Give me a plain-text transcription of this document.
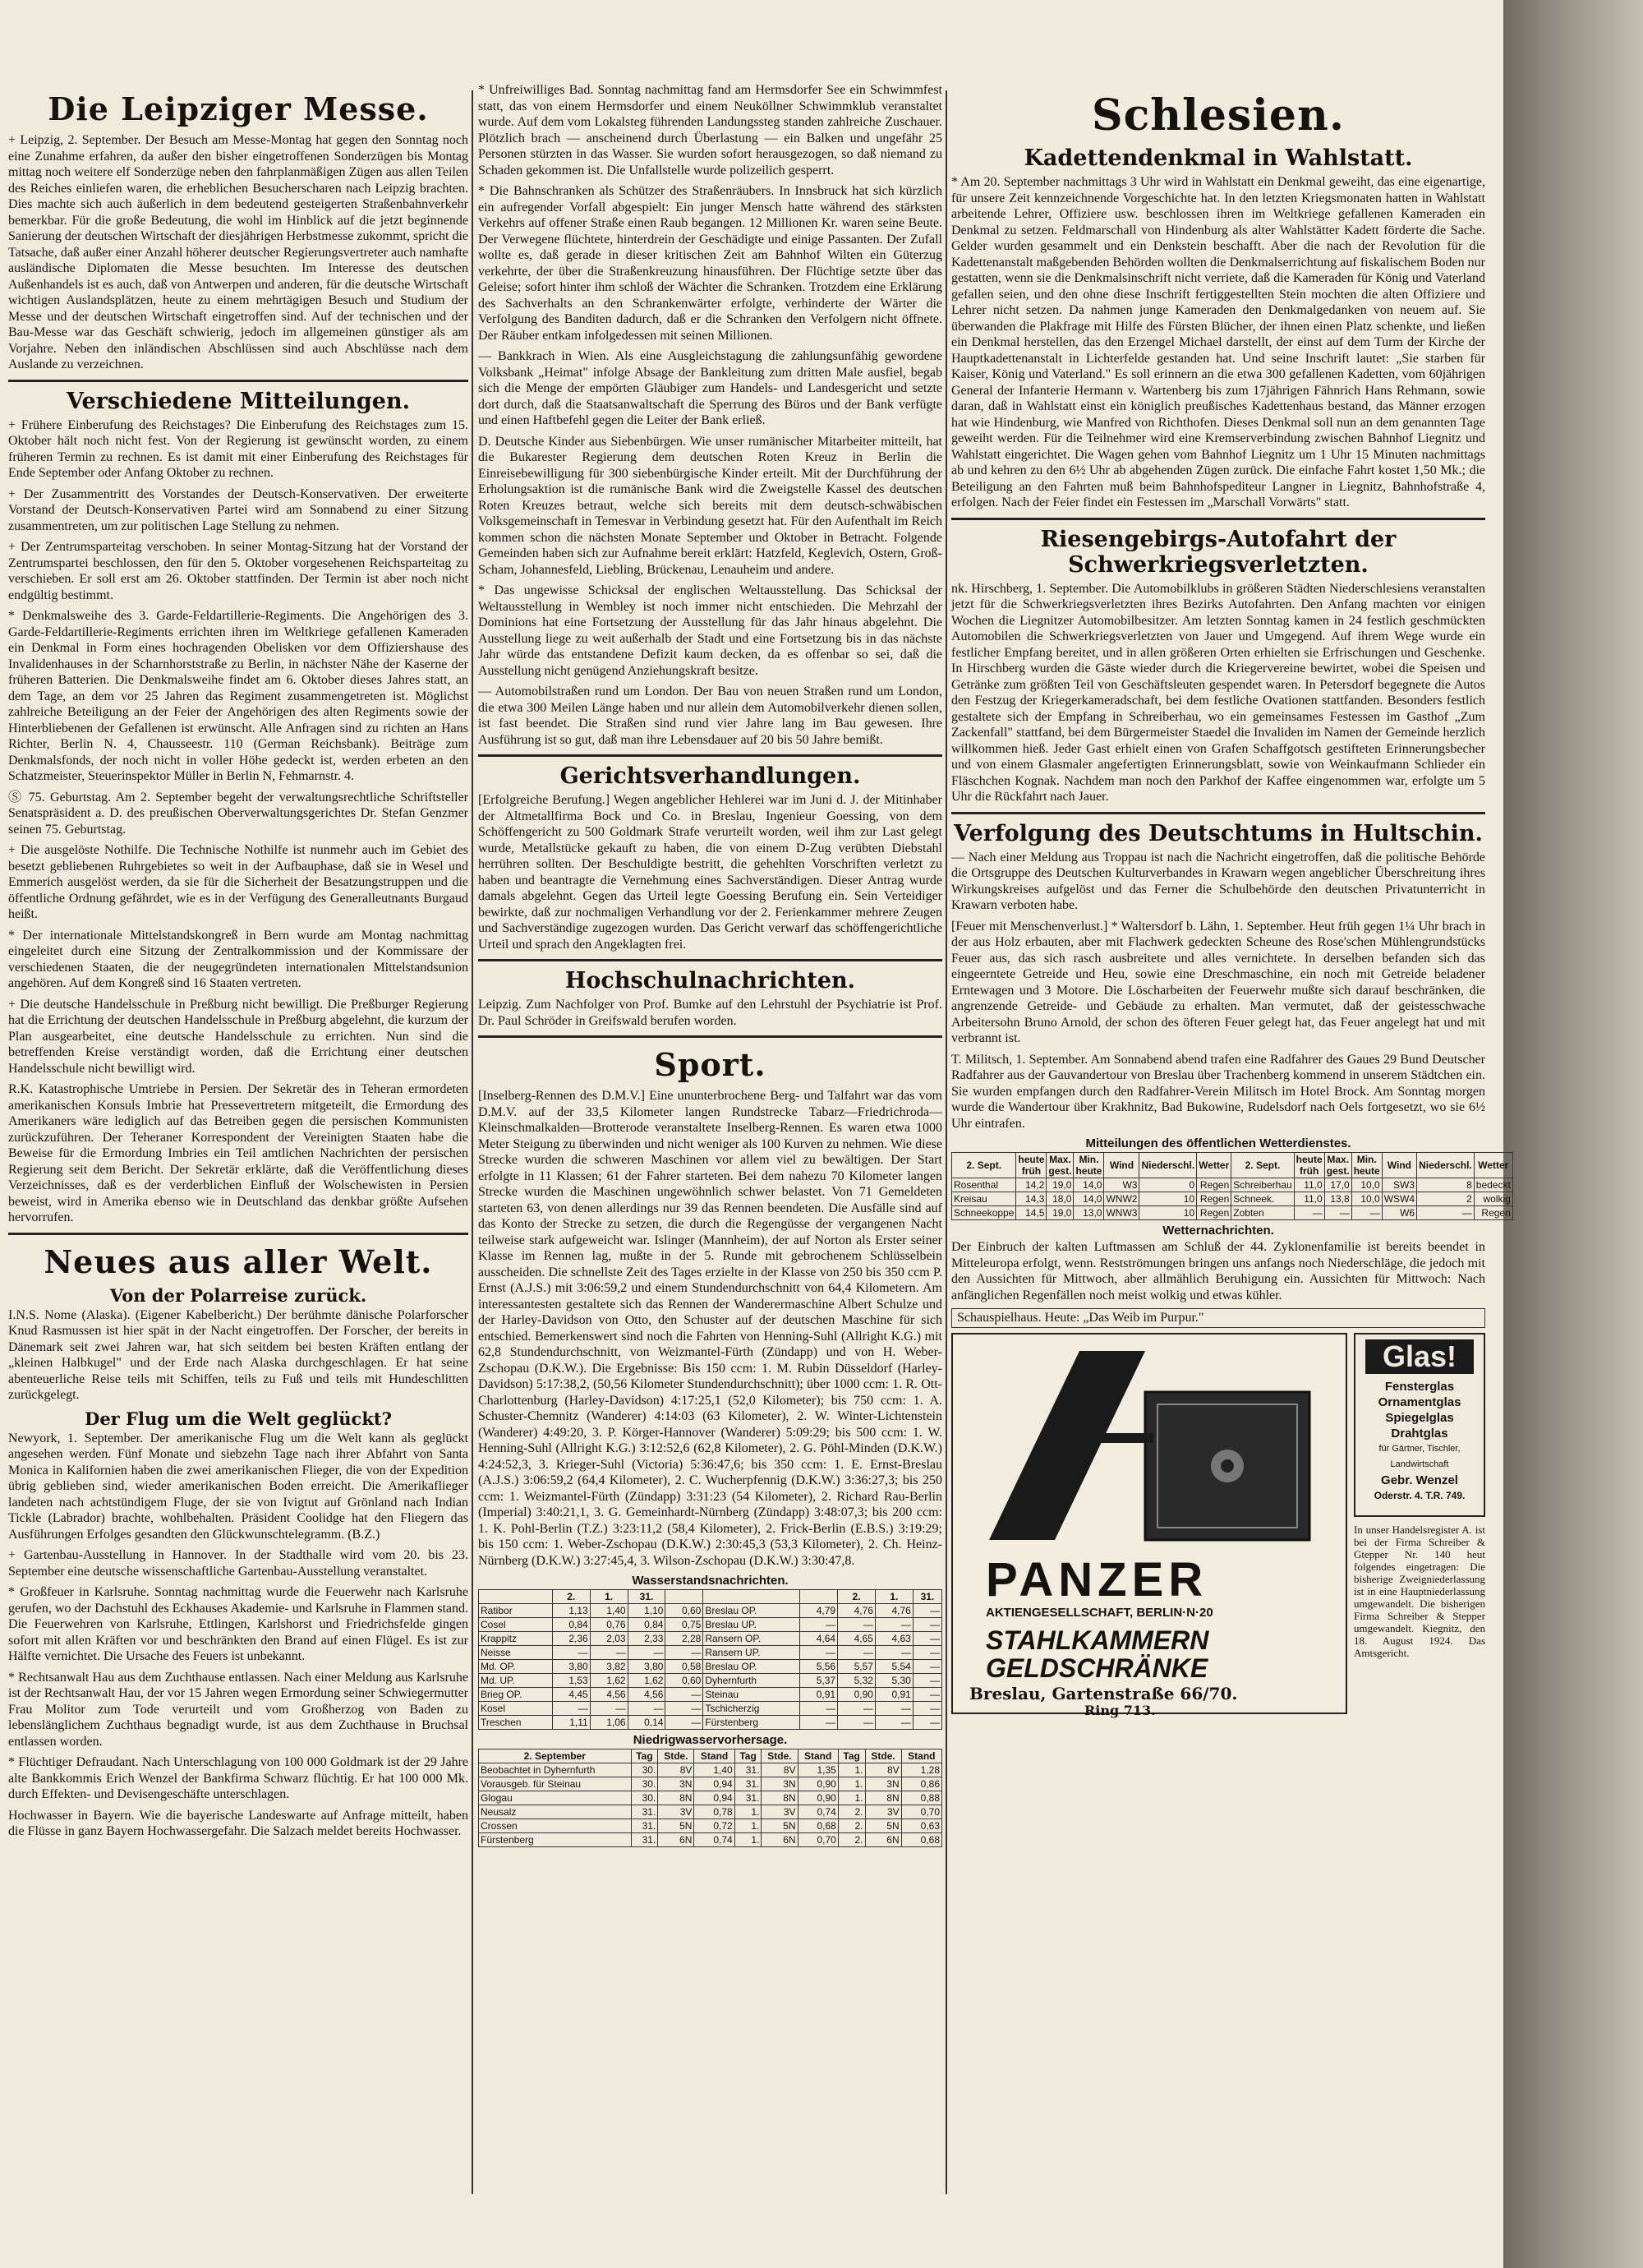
Die Leipziger Messe.

+ Leipzig, 2. September. Der Besuch am Messe-Montag hat gegen den Sonntag noch eine Zunahme erfahren, da außer den bisher eingetroffenen Sonderzügen bis Montag mittag noch weitere elf Sonderzüge neben den fahrplanmäßigen Zügen aus allen Teilen des Reiches einliefen waren, die erheblichen Besucherscharen nach Leipzig brachten. Dies machte sich auch äußerlich in dem bedeutend gesteigerten Straßenbahnverkehr bemerkbar. Für die große Bedeutung, die wohl im Hinblick auf die jetzt beginnende Sanierung der deutschen Wirtschaft der diesjährigen Herbstmesse zukommt, spricht die Tatsache, daß außer einer Anzahl höherer deutscher Regierungsvertreter auch namhafte ausländische Diplomaten die Messe besuchten. Im Interesse des deutschen Außenhandels ist es auch, daß von Antwerpen und anderen, für die deutsche Wirtschaft wichtigen Auslandsplätzen, heute zu einem mehrtägigen Besuch und Studium der Messe und der deutschen Wirtschaft eingetroffen sind. Auf der technischen und der Bau-Messe war das Geschäft schwierig, jedoch im allgemeinen günstiger als am Vorjahre. Neben den inländischen Abschlüssen sind auch Abschlüsse nach dem Auslande zu verzeichnen.

Verschiedene Mitteilungen.

+ Frühere Einberufung des Reichstages? Die Einberufung des Reichstages zum 15. Oktober hält noch nicht fest. Von der Regierung ist gewünscht worden, zu einem früheren Termin zu rechnen. Es ist damit mit einer Einberufung des Reichstages für Ende September oder Anfang Oktober zu rechnen.

+ Der Zusammentritt des Vorstandes der Deutsch-Konservativen. Der erweiterte Vorstand der Deutsch-Konservativen Partei wird am Sonnabend zu einer Sitzung zusammentreten, um zur politischen Lage Stellung zu nehmen.

+ Der Zentrumsparteitag verschoben. In seiner Montag-Sitzung hat der Vorstand der Zentrumspartei beschlossen, den für den 5. Oktober vorgesehenen Reichsparteitag zu verschieben. Er soll erst am 26. Oktober stattfinden. Der Termin ist aber noch nicht endgültig bestimmt.

* Denkmalsweihe des 3. Garde-Feldartillerie-Regiments. Die Angehörigen des 3. Garde-Feldartillerie-Regiments errichten ihren im Weltkriege gefallenen Kameraden ein Denkmal in Form eines hochragenden Obelisken vor dem Offiziershause des Invalidenhauses in der Scharnhorststraße zu Berlin, in nächster Nähe der Kaserne der früheren Batterien. Die Denkmalsweihe findet am 6. Oktober dieses Jahres statt, an dem Tage, an dem vor 25 Jahren das Regiment zusammengetreten ist. Möglichst zahlreiche Beteiligung an der Feier der Angehörigen des alten Regiments sowie der Hinterbliebenen der Gefallenen ist erwünscht. Alle Anfragen sind zu richten an Hans Richter, Berlin N. 4, Chausseestr. 110 (German Reichsbank). Beiträge zum Denkmalsfonds, der noch nicht in voller Höhe gedeckt ist, werden erbeten an den Schatzmeister, Steuerinspektor Müller in Berlin N, Fehmarnstr. 4.

Ⓢ 75. Geburtstag. Am 2. September begeht der verwaltungsrechtliche Schriftsteller Senatspräsident a. D. des preußischen Oberverwaltungsgerichtes Dr. Stefan Genzmer seinen 75. Geburtstag.

+ Die ausgelöste Nothilfe. Die Technische Nothilfe ist nunmehr auch im Gebiet des besetzt gebliebenen Ruhrgebietes so weit in der Aufbauphase, daß sie in Wesel und Emmerich ausgelöst werden, da sie für die Sicherheit der Besatzungstruppen und die öffentliche Ordnung gefährdet, wie es in der Verfügung des Generalleutnants Burgaud heißt.

* Der internationale Mittelstandskongreß in Bern wurde am Montag nachmittag eingeleitet durch eine Sitzung der Zentralkommission und der Kommissare der verschiedenen Staaten, die der neugegründeten internationalen Mittelstandsunion angehören. Auf dem Kongreß sind 16 Staaten vertreten.

+ Die deutsche Handelsschule in Preßburg nicht bewilligt. Die Preßburger Regierung hat die Errichtung der deutschen Handelsschule in Preßburg abgelehnt, die kurzum der Plan ausgearbeitet, eine deutsche Handelsschule zu errichten. Nun sind die betreffenden Kreise verständigt worden, daß die Errichtung einer deutschen Handelsschule nicht bewilligt wird.

R.K. Katastrophische Umtriebe in Persien. Der Sekretär des in Teheran ermordeten amerikanischen Konsuls Imbrie hat Pressevertretern mitgeteilt, die Ermordung des Amerikaners wäre lediglich auf das Betreiben gegen die persischen Kommunisten zurückzuführen. Der Teheraner Korrespondent der Vereinigten Staaten habe die Beweise für die Ermordung Imbries ein Teil amtlichen Nachrichten der persischen Regierung seit dem Bericht. Der Sekretär erklärte, daß die Veröffentlichung dieses Verzeichnisses, daß es der verderblichen Einfluß der Wolschewisten in Persien beweist, wird in Amerika ebenso wie in Deutschland das denkbar größte Aufsehen hervorrufen.

Neues aus aller Welt.
Von der Polarreise zurück.

I.N.S. Nome (Alaska). (Eigener Kabelbericht.) Der berühmte dänische Polarforscher Knud Rasmussen ist hier spät in der Nacht eingetroffen. Der Forscher, der bereits in Dänemark seit zwei Jahren war, hat sich seitdem bei besten Kräften entlang der „kleinen Halbkugel" und der Erde nach Alaska durchgeschlagen. Er hat seine abenteuerliche Reise teils mit Schiffen, teils zu Fuß und teils mit Hundeschlitten zurückgelegt.

Der Flug um die Welt geglückt?

Newyork, 1. September. Der amerikanische Flug um die Welt kann als geglückt angesehen werden. Fünf Monate und siebzehn Tage nach ihrer Abfahrt von Santa Monica in Kalifornien haben die zwei amerikanischen Flieger, die von der Expedition übrig geblieben sind, wieder amerikanischen Boden erreicht. Die Amerikaflieger landeten nach achtstündigem Fluge, der sie von Ivigtut auf Grönland nach Indian Tickle (Labrador) brachte, wohlbehalten. Präsident Coolidge hat den Fliegern das Ausführungen Erfolges gesandten den Glückwunschtelegramm. (B.Z.)

+ Gartenbau-Ausstellung in Hannover. In der Stadthalle wird vom 20. bis 23. September eine deutsche wissenschaftliche Gartenbau-Ausstellung veranstaltet.

* Großfeuer in Karlsruhe. Sonntag nachmittag wurde die Feuerwehr nach Karlsruhe gerufen, wo der Dachstuhl des Eckhauses Akademie- und Karlsruhe in Flammen stand. Die Feuerwehren von Karlsruhe, Ettlingen, Karlshorst und Friedrichsfelde gingen sofort mit allen Kräften vor und beschränkten den Brand auf einen Flügel. Es ist zur Hälfte vernichtet. Die Ursache des Feuers ist unbekannt.

* Rechtsanwalt Hau aus dem Zuchthause entlassen. Nach einer Meldung aus Karlsruhe ist der Rechtsanwalt Hau, der vor 15 Jahren wegen Ermordung seiner Schwiegermutter Frau Molitor zum Tode verurteilt und vom Großherzog von Baden zu lebenslänglichem Zuchthaus begnadigt wurde, ist aus dem Zuchthause in Bruchsal entlassen worden.

* Flüchtiger Defraudant. Nach Unterschlagung von 100 000 Goldmark ist der 29 Jahre alte Bankkommis Erich Wenzel der Bankfirma Schwarz flüchtig. Er hat 100 000 Mk. durch Effekten- und Devisengeschäfte unterschlagen.

Hochwasser in Bayern. Wie die bayerische Landeswarte auf Anfrage mitteilt, haben die Flüsse in ganz Bayern Hochwassergefahr. Die Salzach meldet bereits Hochwasser.

* Unfreiwilliges Bad. Sonntag nachmittag fand am Hermsdorfer See ein Schwimmfest statt, das von einem Hermsdorfer und einem Neuköllner Schwimmklub veranstaltet wurde. Auf dem vom Lokalsteg führenden Landungssteg standen zahlreiche Zuschauer. Plötzlich brach — anscheinend durch Überlastung — ein Balken und ungefähr 25 Personen stürzten in das Wasser. Sie wurden sofort herausgezogen, so daß niemand zu Schaden gekommen ist. Die Unfallstelle wurde polizeilich gesperrt.

* Die Bahnschranken als Schützer des Straßenräubers. In Innsbruck hat sich kürzlich ein aufregender Vorfall abgespielt: Ein junger Mensch hatte während des stärksten Verkehrs auf offener Straße einen Raub begangen. 12 Millionen Kr. waren seine Beute. Der Verwegene flüchtete, hinterdrein der Geschädigte und einige Passanten. Der Zufall wollte es, daß gerade in dieser kritischen Zeit am Bahnhof Wilten ein Güterzug verkehrte, der über die Straßenkreuzung hinausführen. Der Flüchtige setzte über das Geleise; sofort hinter ihm schloß der Wächter die Schranken. Trotzdem eine Erklärung des Sachverhalts an den Schrankenwärter erfolgte, verhinderte der Wärter die Verfolgung des Banditen dadurch, daß er die Schranken den Verfolgern nicht öffnete. Der Räuber entkam infolgedessen mit seinen Millionen.

— Bankkrach in Wien. Als eine Ausgleichstagung die zahlungsunfähig gewordene Volksbank „Heimat" infolge Absage der Bankleitung zum dritten Male ausfiel, begab sich die Menge der empörten Gläubiger zum Handels- und Landesgericht und setzte dort durch, daß die Staatsanwaltschaft die Sperrung des Büros und der Bank verfügte und einen Haftbefehl gegen die Leiter der Bank erließ.

D. Deutsche Kinder aus Siebenbürgen. Wie unser rumänischer Mitarbeiter mitteilt, hat die Bukarester Regierung dem deutschen Roten Kreuz in Berlin die Einreisebewilligung für 300 siebenbürgische Kinder erteilt. Mit der Durchführung der Erholungsaktion ist die rumänische Bank wird die Zweigstelle Kassel des deutschen Roten Kreuzes betraut, welche sich bereits mit dem deutsch-schwäbischen Volksgemeinschaft in Temesvar in Verbindung gesetzt hat. Für den Aufenthalt im Reich kommen schon die nächsten Monate September und Oktober in Betracht. Folgende Gemeinden haben sich zur Aufnahme bereit erklärt: Hatzfeld, Keglevich, Ostern, Groß-Scham, Johannesfeld, Liebling, Brückenau, Lenauheim und andere.

* Das ungewisse Schicksal der englischen Weltausstellung. Das Schicksal der Weltausstellung in Wembley ist noch immer nicht entschieden. Die Mehrzahl der Dominions hat eine Fortsetzung der Ausstellung für das Jahr hinaus abgelehnt. Die Ausstellung liege zu weit außerhalb der Stadt und eine Fortsetzung bis in das nächste Jahr würde das entstandene Defizit kaum decken, da es offenbar so sei, daß die Ausstellung nicht genügend Anziehungskraft besitze.

— Automobilstraßen rund um London. Der Bau von neuen Straßen rund um London, die etwa 300 Meilen Länge haben und nur allein dem Automobilverkehr dienen sollen, ist fast beendet. Die Straßen sind rund vier Jahre lang im Bau gewesen. Ihre Ausführung ist so gut, daß man ihre Lebensdauer auf 20 bis 50 Jahre bemißt.

Gerichtsverhandlungen.

[Erfolgreiche Berufung.] Wegen angeblicher Hehlerei war im Juni d. J. der Mitinhaber der Altmetallfirma Bock und Co. in Breslau, Ingenieur Goessing, von dem Schöffengericht zu 500 Goldmark Strafe verurteilt worden, weil ihm zur Last gelegt wurde, Metallstücke gekauft zu haben, die von einem D-Zug verübten Diebstahl herrühren sollten. Der Beschuldigte bestritt, die gehehlten Vorschriften verletzt zu haben und beantragte die Vernehmung eines Sachverständigen. Dieser Antrag wurde damals abgelehnt. Gegen das Urteil legte Goessing Berufung ein. Sein Verteidiger bewirkte, daß zur nochmaligen Verhandlung vor der 2. Ferienkammer mehrere Zeugen und Sachverständige zugezogen wurden. Das Gericht verwarf das schöffengerichtliche Urteil und sprach den Angeklagten frei.

Hochschulnachrichten.

Leipzig. Zum Nachfolger von Prof. Bumke auf den Lehrstuhl der Psychiatrie ist Prof. Dr. Paul Schröder in Greifswald berufen worden.

Sport.

[Inselberg-Rennen des D.M.V.] Eine ununterbrochene Berg- und Talfahrt war das vom D.M.V. auf der 33,5 Kilometer langen Rundstrecke Tabarz—Friedrichroda—Kleinschmalkalden—Brotterode veranstaltete Inselberg-Rennen. Es waren etwa 1000 Meter Steigung zu überwinden und nicht weniger als 100 Kurven zu nehmen. Wie diese Strecke wurden die schweren Maschinen vor allem viel zu bewältigen. Der Start erfolgte in 11 Klassen; 61 der Fahrer starteten. Bei dem nahezu 70 Kilometer langen Strecke wurden die Maschinen ungewöhnlich schwer belastet. Von 71 Gemeldeten starteten 63, von denen allerdings nur 39 das Rennen beendeten. Die Ausfälle sind auf das Konto der Strecke zu setzen, die durch die Regengüsse der vergangenen Nacht teilweise stark aufgeweicht war. Islinger (Mannheim), der auf Norton als Erster seiner Klasse im Rennen lag, mußte in der 5. Runde mit gebrochenem Schlüsselbein ausscheiden. Die schnellste Zeit des Tages erzielte in der Klasse von 250 bis 350 ccm P. Ernst (A.J.S.) mit 3:06:59,2 und einem Stundendurchschnitt von 64,4 Kilometern. Am interessantesten gestaltete sich das Rennen der Wanderermaschine Albert Schulze und der Harley-Davidson von Otto, den Schuster auf der deutschen Maschine für sich entschied. Bemerkenswert sind noch die Fahrten von Henning-Suhl (Allright K.G.) mit 62,8 Stundendurchschnitt, von Weizmantel-Fürth (Zündapp) und von H. Weber-Zschopau (D.K.W.). Die Ergebnisse: Bis 150 ccm: 1. M. Rubin Düsseldorf (Harley-Davidson) 5:17:38,2, (50,56 Kilometer Stundendurchschnitt); über 1000 ccm: 1. R. Ott-Charlottenburg (Harley-Davidson) 4:17:25,1 (52,0 Kilometer); bis 750 ccm: 1. A. Schuster-Chemnitz (Wanderer) 4:14:03 (63 Kilometer), 2. W. Winter-Lichtenstein (Wanderer) 4:49:20, 3. P. Körger-Hannover (Wanderer) 5:09:29; bis 500 ccm: 1. W. Henning-Suhl (Allright K.G.) 3:12:52,6 (62,8 Kilometer), 2. G. Pöhl-Minden (D.K.W.) 4:24:52,3, 3. Krieger-Suhl (Victoria) 5:36:47,6; bis 350 ccm: 1. E. Ernst-Breslau (A.J.S.) 3:06:59,2 (64,4 Kilometer), 2. C. Wucherpfennig (D.K.W.) 3:36:27,3; bis 250 ccm: 1. Weizmantel-Fürth (Zündapp) 3:31:23 (54 Kilometer), 2. Richard Rau-Berlin (Imperial) 3:40:21,1, 3. G. Gemeinhardt-Nürnberg (Zündapp) 3:48:07,3; bis 200 ccm: 1. K. Pohl-Berlin (T.Z.) 3:23:11,2 (58,4 Kilometer), 2. Frick-Berlin (E.B.S.) 3:19:29; bis 150 ccm: 1. Weber-Zschopau (D.K.W.) 2:30:45,3 (53,3 Kilometer), 2. Ch. Heinz-Nürnberg (D.K.W.) 3:27:45,4, 3. Wilson-Zschopau (D.K.W.) 3:30:47,8.

Wasserstandsnachrichten.
	2.	1.	31.				2.	1.	31.
Ratibor	1,13	1,40	1,10	0,60	Breslau OP.	4,79	4,76	4,76	—
Cosel	0,84	0,76	0,84	0,75	Breslau UP.	—	—	—	—
Krappitz	2,36	2,03	2,33	2,28	Ransern OP.	4,64	4,65	4,63	—
Neisse	—	—	—	—	Ransern UP.	—	—	—	—
Md. OP.	3,80	3,82	3,80	0,58	Breslau OP.	5,56	5,57	5,54	—
Md. UP.	1,53	1,62	1,62	0,60	Dyhernfurth	5,37	5,32	5,30	—
Brieg OP.	4,45	4,56	4,56	—	Steinau	0,91	0,90	0,91	—
Kosel	—	—	—	—	Tschicherzig	—	—	—	—
Treschen	1,11	1,06	0,14	—	Fürstenberg	—	—	—	—
Niedrigwasservorhersage.
2. September	Tag	Stde.	Stand	Tag	Stde.	Stand	Tag	Stde.	Stand
Beobachtet in Dyhernfurth	30.	8V	1,40	31.	8V	1,35	1.	8V	1,28
Vorausgeb. für Steinau	30.	3N	0,94	31.	3N	0,90	1.	3N	0,86
Glogau	30.	8N	0,94	31.	8N	0,90	1.	8N	0,88
Neusalz	31.	3V	0,78	1.	3V	0,74	2.	3V	0,70
Crossen	31.	5N	0,72	1.	5N	0,68	2.	5N	0,63
Fürstenberg	31.	6N	0,74	1.	6N	0,70	2.	6N	0,68
Schlesien.
Kadettendenkmal in Wahlstatt.

* Am 20. September nachmittags 3 Uhr wird in Wahlstatt ein Denkmal geweiht, das eine eigenartige, für unsere Zeit kennzeichnende Vorgeschichte hat. In den letzten Kriegsmonaten hatten in Wahlstatt arbeitende Lehrer, Offiziere usw. beschlossen ihren im Weltkriege gefallenen Kameraden ein Denkmal zu setzen. Feldmarschall von Hindenburg als alter Wahlstätter Kadett förderte die Sache. Gelder wurden gesammelt und ein Denkstein beschafft. Aber die nach der Revolution für die Kadettenanstalt maßgebenden Behörden wollten die Denkmalserrichtung auf fiskalischem Boden nur gestatten, wenn sie die Denkmalsinschrift nicht verriete, daß die Kameraden für König und Vaterland gefallen seien, und den ohne diese Inschrift fertiggestellten Stein mochten die alten Offiziere und Lehrer nicht setzen. Da nahmen junge Kameraden den Denkmalgedanken von neuem auf. Sie überwanden die Plakfrage mit Hilfe des Fürsten Blücher, der ihnen einen Platz schenkte, und ließen ein Denkmal herstellen, das den Erzengel Michael darstellt, der einst auf dem Turm der Kirche der Hauptkadettenanstalt in Lichterfelde gestanden hat. Und seine Inschrift lautet: „Sie starben für Kaiser, König und Vaterland." Es soll erinnern an die etwa 300 gefallenen Kadetten, vom 60jährigen General der Infanterie Hermann v. Wartenberg bis zum 17jährigen Fähnrich Hans Rehmann, sowie daran, daß in Wahlstatt einst ein königlich preußisches Kadettenhaus bestand, das Männer erzogen hat wie Hindenburg, wie Manfred von Richthofen. Dieses Denkmal soll nun an dem genannten Tage geweiht werden. Für die Teilnehmer wird eine Kremserverbindung zwischen Bahnhof Liegnitz und Wahlstatt eingerichtet. Die Wagen gehen vom Bahnhof Liegnitz um 1 Uhr 15 Minuten nachmittags ab und kehren zu den 6½ Uhr ab abgehenden Zügen zurück. Die einfache Fahrt kostet 1,50 Mk.; die Beteiligung an den Fahrten muß beim Bahnhofspediteur Langner in Liegnitz, Bahnhofstraße 4, erfolgen. Nach der Feier findet ein Festessen im „Marschall Vorwärts" statt.

Riesengebirgs-Autofahrt der Schwerkriegsverletzten.

nk. Hirschberg, 1. September. Die Automobilklubs in größeren Städten Niederschlesiens veranstalten jetzt für die Schwerkriegsverletzten ihres Bezirks Autofahrten. Den Anfang machten vor einigen Wochen die Liegnitzer Automobilbesitzer. Am letzten Sonntag kamen in 24 festlich geschmückten Automobilen die Schwerkriegsverletzten von Jauer und Umgegend. Auf ihrem Wege wurde ein festlicher Empfang bereitet, und in allen größeren Orten erhielten sie Erfrischungen und Geschenke. In Hirschberg wurden die Gäste wieder durch die Kriegervereine bewirtet, wobei die Speisen und Getränke zum größten Teil von Geschäftsleuten gespendet waren. In Petersdorf begegnete die Autos den Festzug der Kriegerkameradschaft, bei dem festliche Ovationen stattfanden. Besonders festlich gestaltete sich der Empfang in Schreiberhau, wo ein gemeinsames Festessen im Gasthof „Zum Zackenfall" stattfand, bei dem Bürgermeister Staedel die Invaliden im Namen der Gemeinde herzlich willkommen hieß. Jeder Gast erhielt einen von Grafen Schaffgotsch gestifteten Erinnerungsbecher und von einem Glasmaler angefertigten Erinnerungsblatt, sowie von Weinkaufmann Schlieder ein Fläschchen Kognak. Nachdem man noch den Parkhof der Kaffee eingenommen war, erfolgte um 5 Uhr die Rückfahrt nach Jauer.

Verfolgung des Deutschtums in Hultschin.

— Nach einer Meldung aus Troppau ist nach die Nachricht eingetroffen, daß die politische Behörde die Ortsgruppe des Deutschen Kulturverbandes in Krawarn wegen angeblicher Überschreitung ihres Wirkungskreises aufgelöst und das Ferner die Schulbehörde den deutschen Privatunterricht in Krawarn verboten habe.

[Feuer mit Menschenverlust.] * Waltersdorf b. Lähn, 1. September. Heut früh gegen 1¼ Uhr brach in der aus Holz erbauten, aber mit Flachwerk gedeckten Scheune des Rose'schen Mühlengrundstücks Feuer aus, das sich rasch ausbreitete und alles vernichtete. In derselben befanden sich das eingeerntete Getreide und Heu, sowie eine Dreschmaschine, ein noch mit Getreide beladener Erntewagen und 3 Motore. Die Löscharbeiten der Feuerwehr mußte sich darauf beschränken, die angrenzende Getreide- und Gebäude zu erhalten. Man vermutet, daß der geistesschwache Arbeitersohn Bruno Arnold, der schon des öfteren Feuer gelegt hat, das Feuer angelegt hat und mit verbrannt ist.

T. Militsch, 1. September. Am Sonnabend abend trafen eine Radfahrer des Gaues 29 Bund Deutscher Radfahrer aus der Gauvandertour von Breslau über Trachenberg kommend in unserem Städtchen ein. Sie wurden empfangen durch den Radfahrer-Verein Militsch im Hotel Brock. Am Sonntag morgen wurde die Wandertour über Krakhnitz, Bad Bukowine, Rudelsdorf nach Oels fortgesetzt, wo sie 6½ Uhr eintrafen.

Mitteilungen des öffentlichen Wetterdienstes.
2. Sept.	heute früh	Max. gest.	Min. heute	Wind	Niederschl.	Wetter	2. Sept.	heute früh	Max. gest.	Min. heute	Wind	Niederschl.	Wetter
Rosenthal	14,2	19,0	14,0	W3	0	Regen	Schreiberhau	11,0	17,0	10,0	SW3	8	bedeckt
Kreisau	14,3	18,0	14,0	WNW2	10	Regen	Schneek.	11,0	13,8	10,0	WSW4	2	wolkig
Schneekoppe	14,5	19,0	13,0	WNW3	10	Regen	Zobten	—	—	—	W6	—	Regen
Wetternachrichten.

Der Einbruch der kalten Luftmassen am Schluß der 44. Zyklonenfamilie ist bereits beendet in Mitteleuropa erfolgt, wenn. Restströmungen bringen uns anfangs noch Niederschläge, die jedoch mit den Aussichten für Mittwoch, aber allmählich Beruhigung ein. Aussichten für Mittwoch: Nach anfänglichen Regenfällen noch meist wolkig und etwas kühler.

Schauspielhaus. Heute: „Das Weib im Purpur."
PANZER
AKTIENGESELLSCHAFT, BERLIN·N·20
STAHLKAMMERN GELDSCHRÄNKE
Breslau, Gartenstraße 66/70.
Ring 713.
Glas!
Fensterglas
Ornamentglas
Spiegelglas
Drahtglas
für Gärtner, Tischler, Landwirtschaft
Gebr. Wenzel
Oderstr. 4. T.R. 749.

In unser Handelsregister A. ist bei der Firma Schreiber & Gtepper Nr. 140 heut folgendes eingetragen: Die bisherige Zweigniederlassung ist in eine Hauptniederlassung umgewandelt. Die bisherigen Firma Schreiber & Stepper umgewandelt. Kiegnitz, den 18. August 1924. Das Amtsgericht.
